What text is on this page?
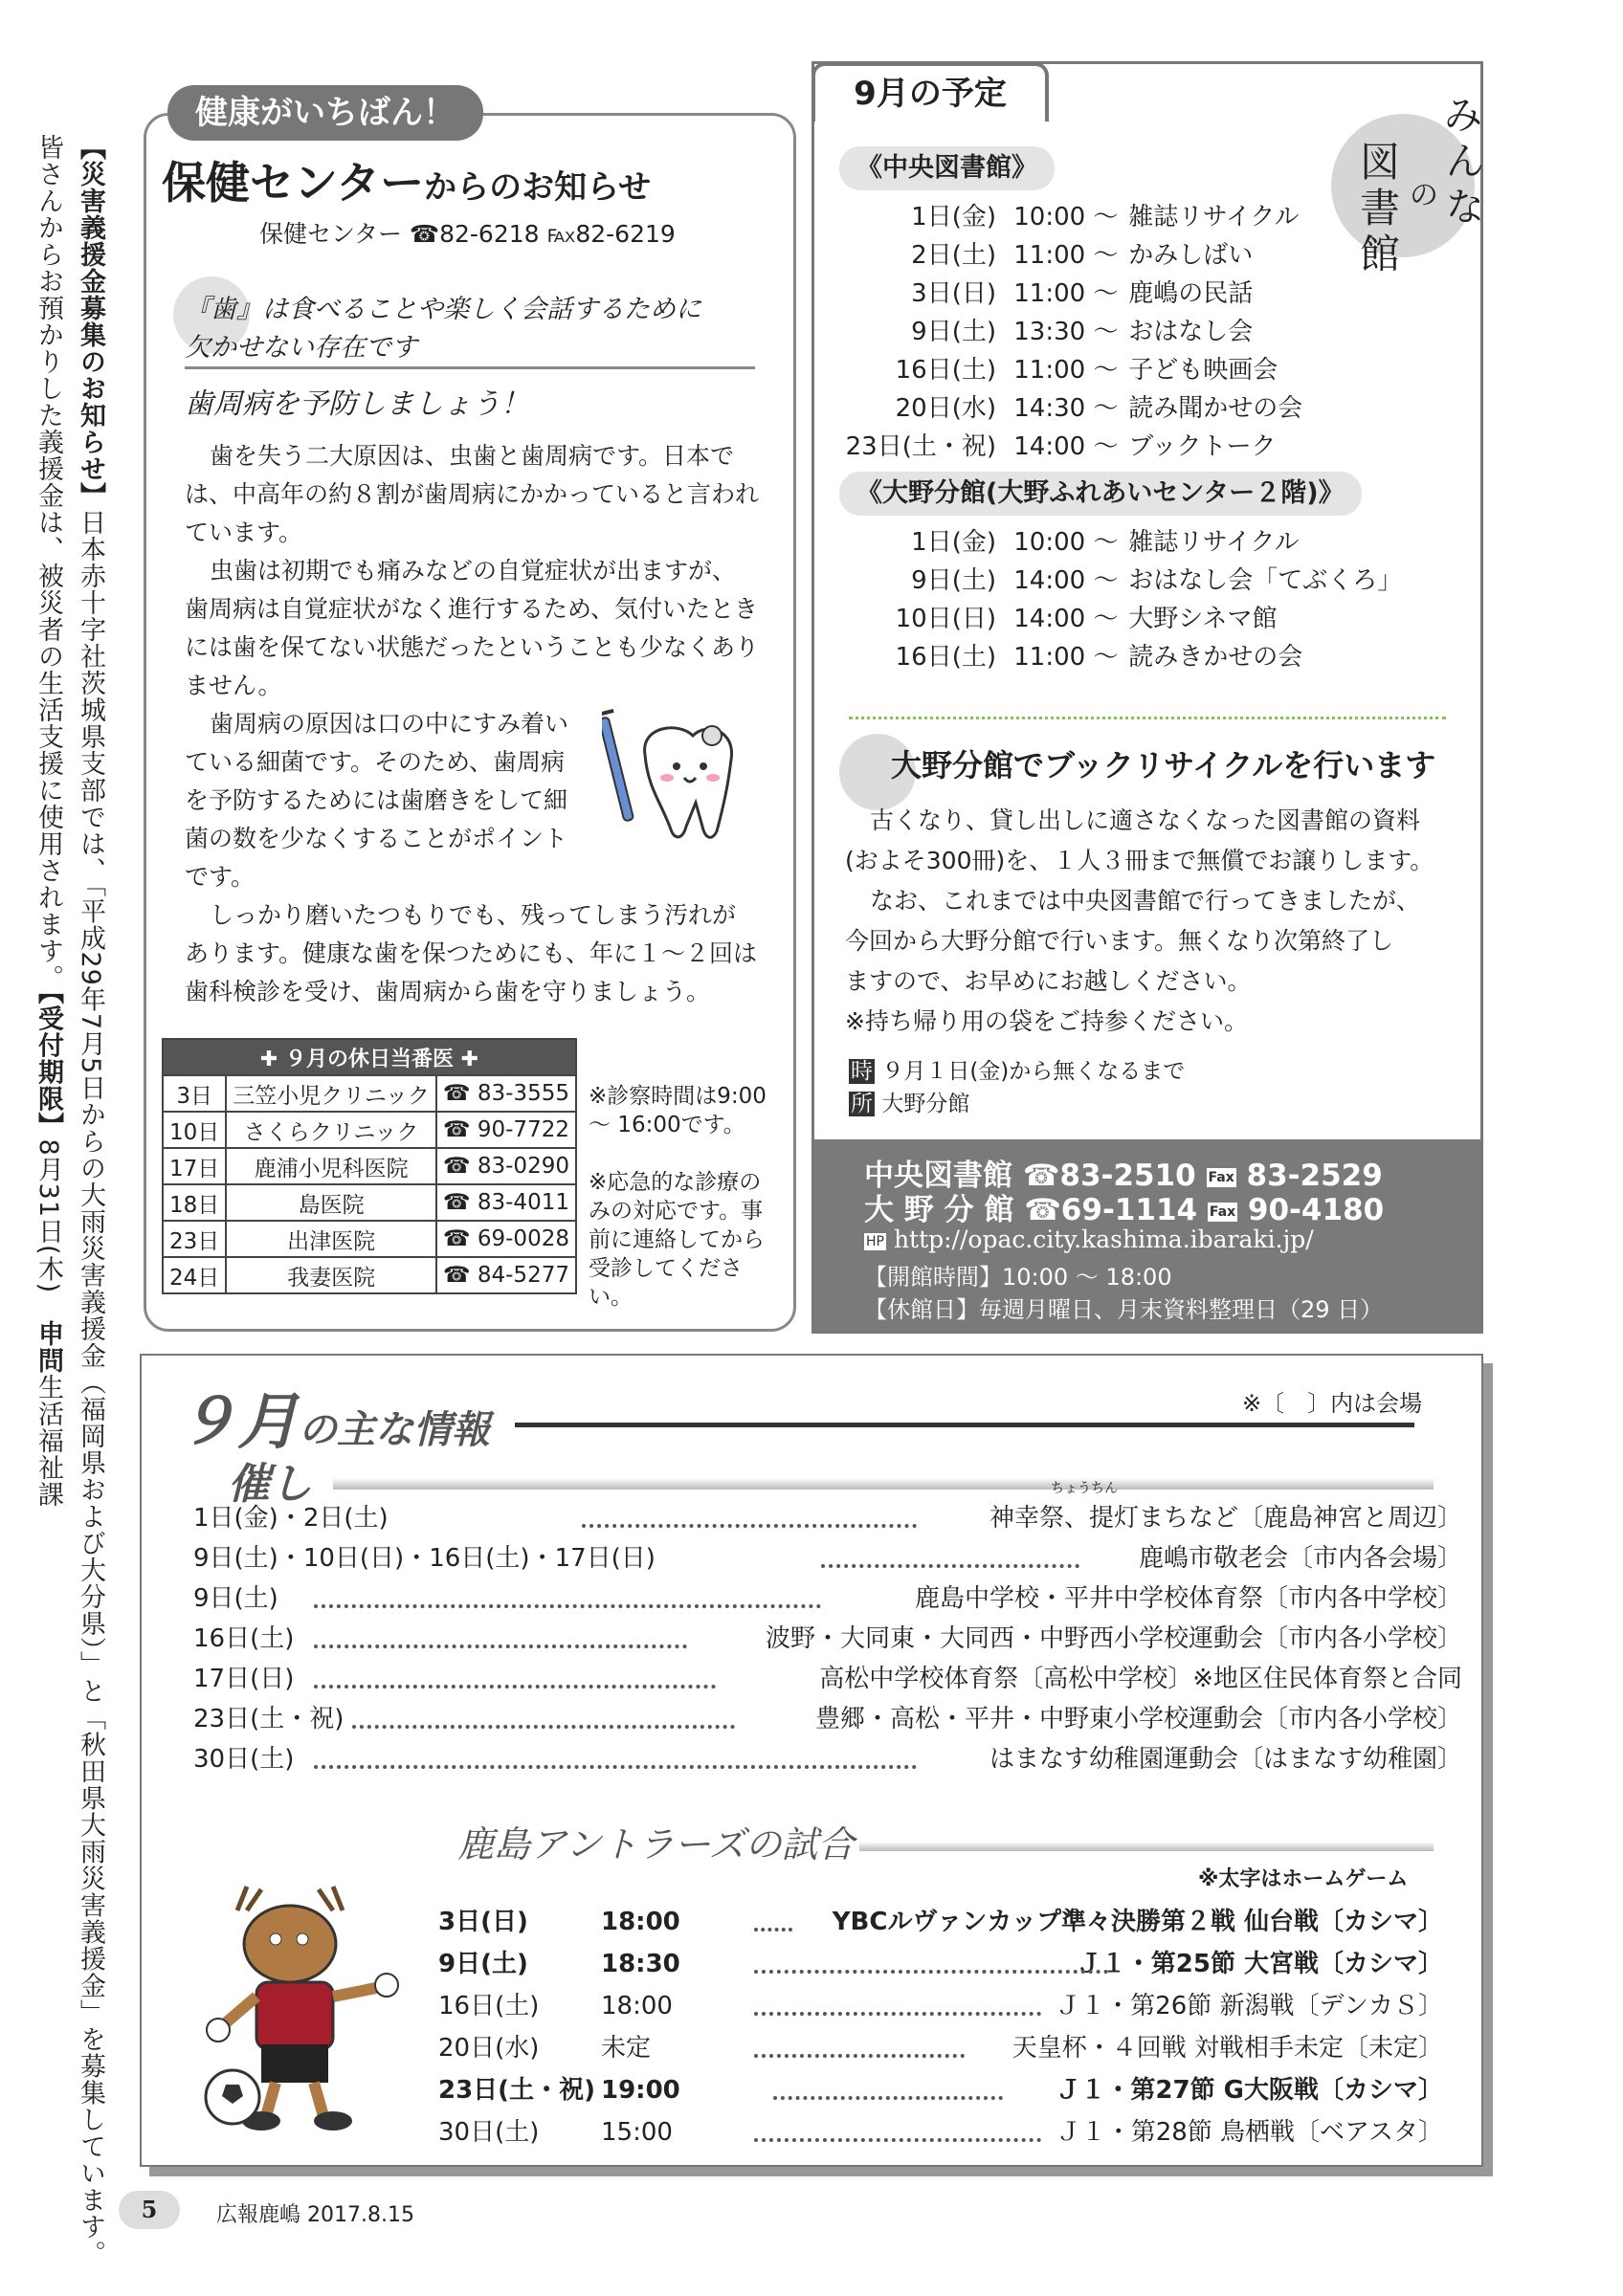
【災害義援金募集のお知らせ】日本赤十字社茨城県支部では、「平成29年7月5日からの大雨災害義援金（福岡県および大分県）」と「秋田県大雨災害義援金」を募集しています。
皆さんからお預かりした義援金は、被災者の生活支援に使用されます。【受付期限】8月31日(木)　申問生活福祉課
健康がいちばん！
保健センターからのお知らせ
保健センター ☎82-6218 ℻82-6219
『歯』は食べることや楽しく会話するために
欠かせない存在です
歯周病を予防しましょう！
歯を失う二大原因は、虫歯と歯周病です。日本では、中高年の約８割が歯周病にかかっていると言われています。
虫歯は初期でも痛みなどの自覚症状が出ますが、歯周病は自覚症状がなく進行するため、気付いたときには歯を保てない状態だったということも少なくありません。
歯周病の原因は口の中にすみ着いている細菌です。そのため、歯周病を予防するためには歯磨きをして細菌の数を少なくすることがポイントです。
しっかり磨いたつもりでも、残ってしまう汚れがあります。健康な歯を保つためにも、年に１～２回は歯科検診を受け、歯周病から歯を守りましょう。
✚ ９月の休日当番医 ✚		
3日	三笠小児クリニック	☎ 83-3555
10日	さくらクリニック	☎ 90-7722
17日	鹿浦小児科医院	☎ 83-0290
18日	島医院	☎ 83-4011
23日	出津医院	☎ 69-0028
24日	我妻医院	☎ 84-5277
※診察時間は9:00 ～ 16:00です。
※応急的な診療のみの対応です。事前に連絡してから受診してください。
9月の予定	み
ん
な
の
図
書
館
《中央図書館》
《大野分館(大野ふれあいセンター２階)》
大野分館でブックリサイクルを行います
古くなり、貸し出しに適さなくなった図書館の資料
(およそ300冊)を、１人３冊まで無償でお譲りします。
なお、これまでは中央図書館で行ってきましたが、
今回から大野分館で行います。無くなり次第終了し
ますので、お早めにお越しください。
※持ち帰り用の袋をご持参ください。
時 ９月１日(金)から無くなるまで
所 大野分館
中央図書館 ☎83-2510 Fax 83-2529
大 野 分 館 ☎69-1114 Fax 90-4180
HP http://opac.city.kashima.ibaraki.jp/
【開館時間】10:00 ～ 18:00
【休館日】毎週月曜日、月末資料整理日（29 日）
1日(金) 10:00 ～ 雑誌リサイクル
2日(土) 11:00 ～ かみしばい
3日(日) 11:00 ～ 鹿嶋の民話
9日(土) 13:30 ～ おはなし会
16日(土) 11:00 ～ 子ども映画会
20日(水) 14:30 ～ 読み聞かせの会
23日(土・祝) 14:00 ～ ブックトーク
1日(金) 10:00 ～ 雑誌リサイクル
9日(土) 14:00 ～ おはなし会「てぶくろ」
10日(日) 14:00 ～ 大野シネマ館
16日(土) 11:00 ～ 読みきかせの会
９月の主な情報
※〔　〕内は会場
催し
鹿島アントラーズの試合
※太字はホームゲーム
1日(金)・2日(土)	神幸祭、提灯まちなど〔鹿島神宮と周辺〕
ちょうちん
9日(土)・10日(日)・16日(土)・17日(日)	鹿嶋市敬老会〔市内各会場〕
9日(土)	鹿島中学校・平井中学校体育祭〔市内各中学校〕
16日(土)	波野・大同東・大同西・中野西小学校運動会〔市内各小学校〕
17日(日)	高松中学校体育祭〔高松中学校〕※地区住民体育祭と合同
23日(土・祝)	豊郷・高松・平井・中野東小学校運動会〔市内各小学校〕
30日(土)	はまなす幼稚園運動会〔はまなす幼稚園〕
3日(日)	18:00	YBCルヴァンカップ準々決勝第２戦 仙台戦〔カシマ〕
9日(土)	18:30	Ｊ１・第25節 大宮戦〔カシマ〕
16日(土) 18:00	Ｊ１・第26節 新潟戦〔デンカＳ〕
20日(水) 未定	天皇杯・４回戦 対戦相手未定〔未定〕
23日(土・祝) 19:00	Ｊ１・第27節 G大阪戦〔カシマ〕
30日(土) 15:00	Ｊ１・第28節 鳥栖戦〔ベアスタ〕
5	広報鹿嶋 2017.8.15
